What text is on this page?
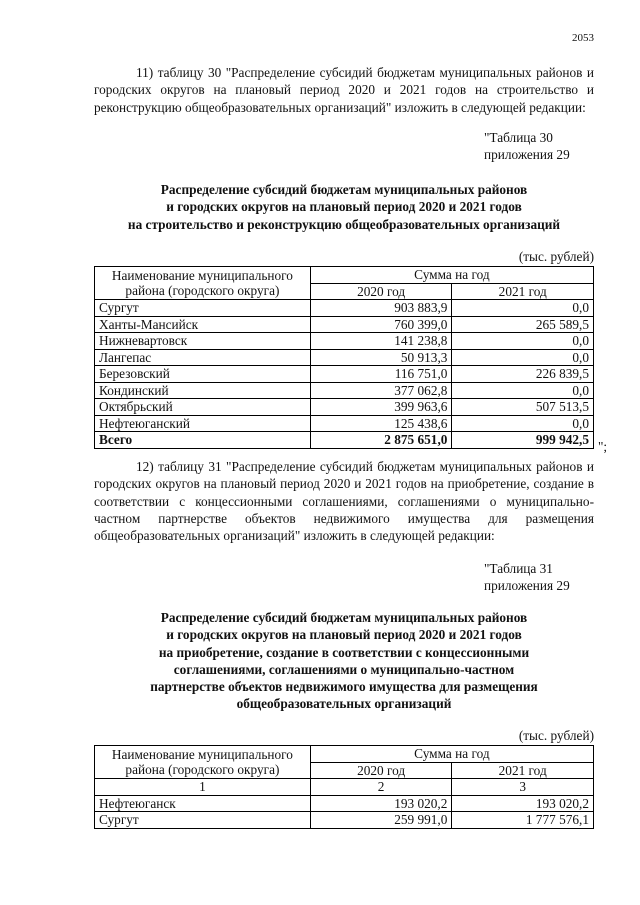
2053

11) таблицу 30 "Распределение субсидий бюджетам муниципальных районов и городских округов на плановый период 2020 и 2021 годов на строительство и реконструкцию общеобразовательных организаций" изложить в следующей редакции:

"Таблица 30
приложения 29
Распределение субсидий бюджетам муниципальных районов
и городских округов на плановый период 2020 и 2021 годов
на строительство и реконструкцию общеобразовательных организаций
(тыс. рублей)
Наименование муниципального
района (городского округа)	Сумма на год	
	2020 год	2021 год
Сургут	903 883,9	0,0
Ханты-Мансийск	760 399,0	265 589,5
Нижневартовск	141 238,8	0,0
Лангепас	50 913,3	0,0
Березовский	116 751,0	226 839,5
Кондинский	377 062,8	0,0
Октябрьский	399 963,6	507 513,5
Нефтеюганский	125 438,6	0,0
Всего	2 875 651,0	999 942,5 ";

12) таблицу 31 "Распределение субсидий бюджетам муниципальных районов и городских округов на плановый период 2020 и 2021 годов на приобретение, создание в соответствии с концессионными соглашениями, соглашениями о муниципально-частном партнерстве объектов недвижимого имущества для размещения общеобразовательных организаций" изложить в следующей редакции:

"Таблица 31
приложения 29
Распределение субсидий бюджетам муниципальных районов
и городских округов на плановый период 2020 и 2021 годов
на приобретение, создание в соответствии с концессионными
соглашениями, соглашениями о муниципально-частном
партнерстве объектов недвижимого имущества для размещения
общеобразовательных организаций
(тыс. рублей)
Наименование муниципального
района (городского округа)	Сумма на год	
	2020 год	2021 год
1	2	3
Нефтеюганск	193 020,2	193 020,2
Сургут	259 991,0	1 777 576,1
